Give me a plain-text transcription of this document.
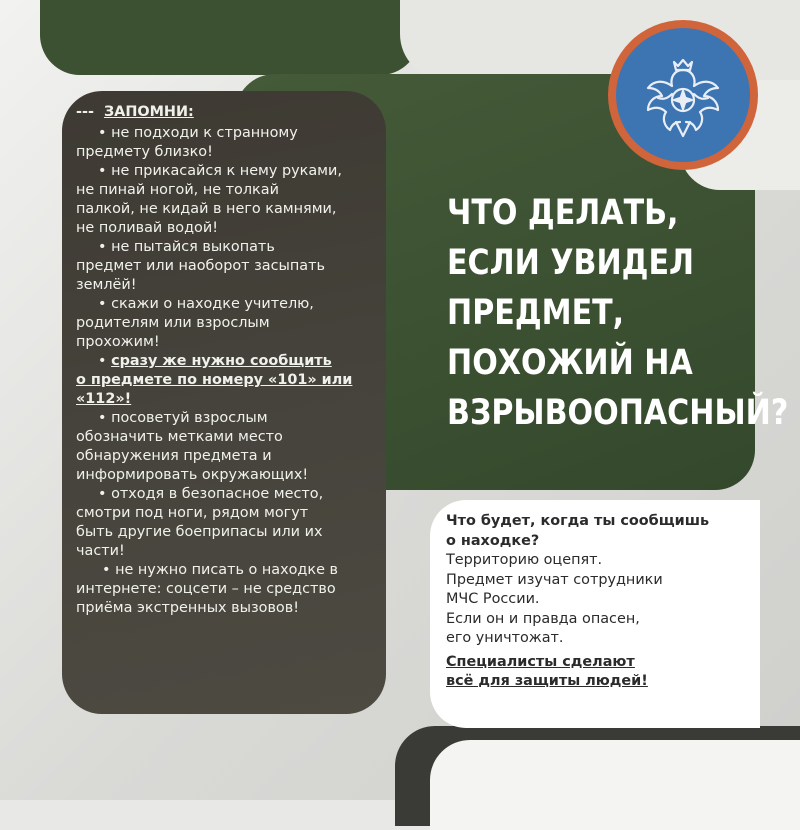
--- ЗАПОМНИ:
• не подходи к странному
предмету близко!
• не прикасайся к нему руками,
не пинай ногой, не толкай
палкой, не кидай в него камнями,
не поливай водой!
• не пытайся выкопать
предмет или наоборот засыпать
землёй!
• скажи о находке учителю,
родителям или взрослым
прохожим!
• сразу же нужно сообщить
о предмете по номеру «101» или
«112»!
• посоветуй взрослым
обозначить метками место
обнаружения предмета и
информировать окружающих!
• отходя в безопасное место,
смотри под ноги, рядом могут
быть другие боеприпасы или их
части!
• не нужно писать о находке в
интернете: соцсети – не средство
приёма экстренных вызовов!
ЧТО ДЕЛАТЬ,
ЕСЛИ УВИДЕЛ
ПРЕДМЕТ,
ПОХОЖИЙ НА
ВЗРЫВООПАСНЫЙ?
Что будет, когда ты сообщишь
о находке?
Территорию оцепят.
Предмет изучат сотрудники
МЧС России.
Если он и правда опасен,
его уничтожат.
Специалисты сделают
всё для защиты людей!
